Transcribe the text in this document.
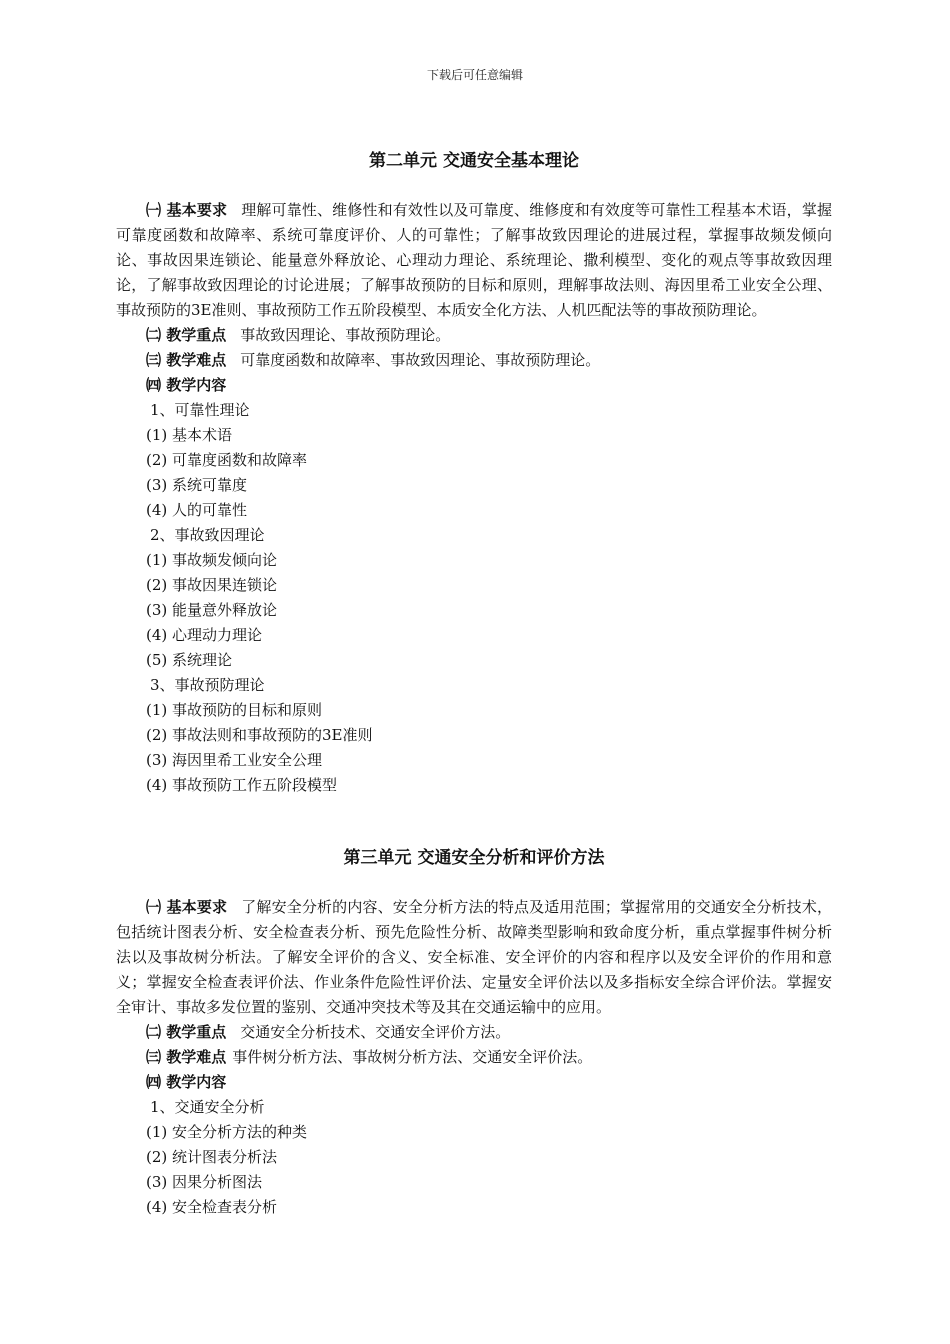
下载后可任意编辑
第二单元 交通安全基本理论

㈠ 基本要求 理解可靠性、维修性和有效性以及可靠度、维修度和有效度等可靠性工程基本术语，掌握可靠度函数和故障率、系统可靠度评价、人的可靠性；了解事故致因理论的进展过程，掌握事故频发倾向论、事故因果连锁论、能量意外释放论、心理动力理论、系统理论、撒利模型、变化的观点等事故致因理论，了解事故致因理论的讨论进展；了解事故预防的目标和原则，理解事故法则、海因里希工业安全公理、事故预防的3E准则、事故预防工作五阶段模型、本质安全化方法、人机匹配法等的事故预防理论。

㈡ 教学重点 事故致因理论、事故预防理论。

㈢ 教学难点 可靠度函数和故障率、事故致因理论、事故预防理论。

㈣ 教学内容

1、可靠性理论

(1) 基本术语

(2) 可靠度函数和故障率

(3) 系统可靠度

(4) 人的可靠性

2、事故致因理论

(1) 事故频发倾向论

(2) 事故因果连锁论

(3) 能量意外释放论

(4) 心理动力理论

(5) 系统理论

3、事故预防理论

(1) 事故预防的目标和原则

(2) 事故法则和事故预防的3E准则

(3) 海因里希工业安全公理

(4) 事故预防工作五阶段模型

第三单元 交通安全分析和评价方法

㈠ 基本要求 了解安全分析的内容、安全分析方法的特点及适用范围；掌握常用的交通安全分析技术，包括统计图表分析、安全检查表分析、预先危险性分析、故障类型影响和致命度分析，重点掌握事件树分析法以及事故树分析法。了解安全评价的含义、安全标准、安全评价的内容和程序以及安全评价的作用和意义；掌握安全检查表评价法、作业条件危险性评价法、定量安全评价法以及多指标安全综合评价法。掌握安全审计、事故多发位置的鉴别、交通冲突技术等及其在交通运输中的应用。

㈡ 教学重点 交通安全分析技术、交通安全评价方法。

㈢ 教学难点 事件树分析方法、事故树分析方法、交通安全评价法。

㈣ 教学内容

1、交通安全分析

(1) 安全分析方法的种类

(2) 统计图表分析法

(3) 因果分析图法

(4) 安全检查表分析
